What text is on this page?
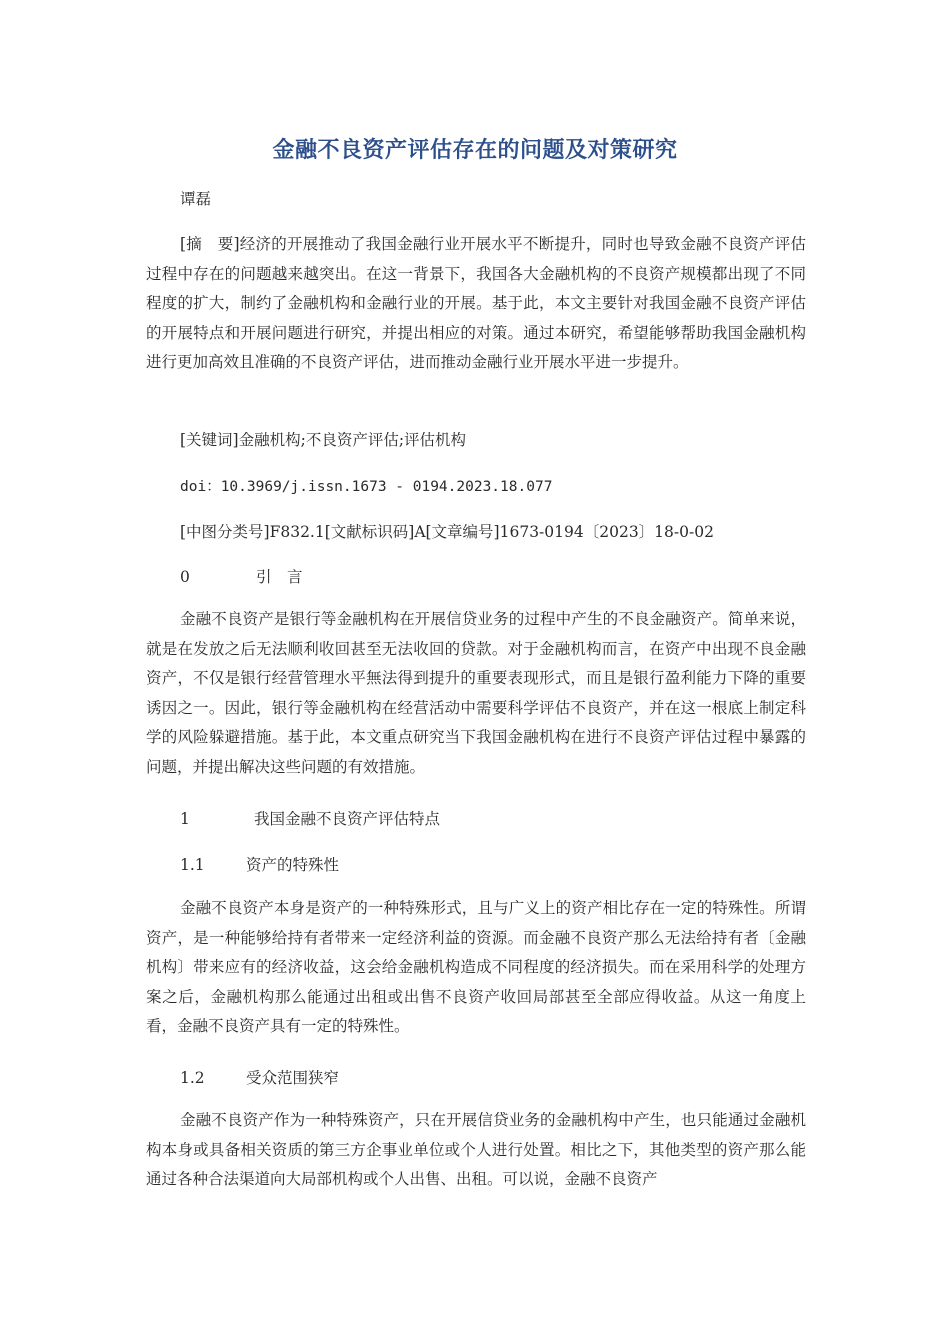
金融不良资产评估存在的问题及对策研究
谭磊
[摘　要]经济的开展推动了我国金融行业开展水平不断提升，同时也导致金融不良资产评估过程中存在的问题越来越突出。在这一背景下，我国各大金融机构的不良资产规模都出现了不同程度的扩大，制约了金融机构和金融行业的开展。基于此，本文主要针对我国金融不良资产评估的开展特点和开展问题进行研究，并提出相应的对策。通过本研究，希望能够帮助我国金融机构进行更加高效且准确的不良资产评估，进而推动金融行业开展水平进一步提升。
[关键词]金融机构;不良资产评估;评估机构
doi：10.3969/j.issn.1673 - 0194.2023.18.077
[中图分类号]F832.1[文献标识码]A[文章编号]1673-0194〔2023〕18-0-02
0	引　言
金融不良资产是银行等金融机构在开展信贷业务的过程中产生的不良金融资产。简单来说，就是在发放之后无法顺利收回甚至无法收回的贷款。对于金融机构而言，在资产中出现不良金融资产，不仅是银行经营管理水平無法得到提升的重要表现形式，而且是银行盈利能力下降的重要诱因之一。因此，银行等金融机构在经营活动中需要科学评估不良资产，并在这一根底上制定科学的风险躲避措施。基于此，本文重点研究当下我国金融机构在进行不良资产评估过程中暴露的问题，并提出解决这些问题的有效措施。
1	我国金融不良资产评估特点
1.1	资产的特殊性
金融不良资产本身是资产的一种特殊形式，且与广义上的资产相比存在一定的特殊性。所谓资产，是一种能够给持有者带来一定经济利益的资源。而金融不良资产那么无法给持有者〔金融机构〕带来应有的经济收益，这会给金融机构造成不同程度的经济损失。而在采用科学的处理方案之后，金融机构那么能通过出租或出售不良资产收回局部甚至全部应得收益。从这一角度上看，金融不良资产具有一定的特殊性。
1.2	受众范围狭窄
金融不良资产作为一种特殊资产，只在开展信贷业务的金融机构中产生，也只能通过金融机构本身或具备相关资质的第三方企事业单位或个人进行处置。相比之下，其他类型的资产那么能通过各种合法渠道向大局部机构或个人出售、出租。可以说，金融不良资产
